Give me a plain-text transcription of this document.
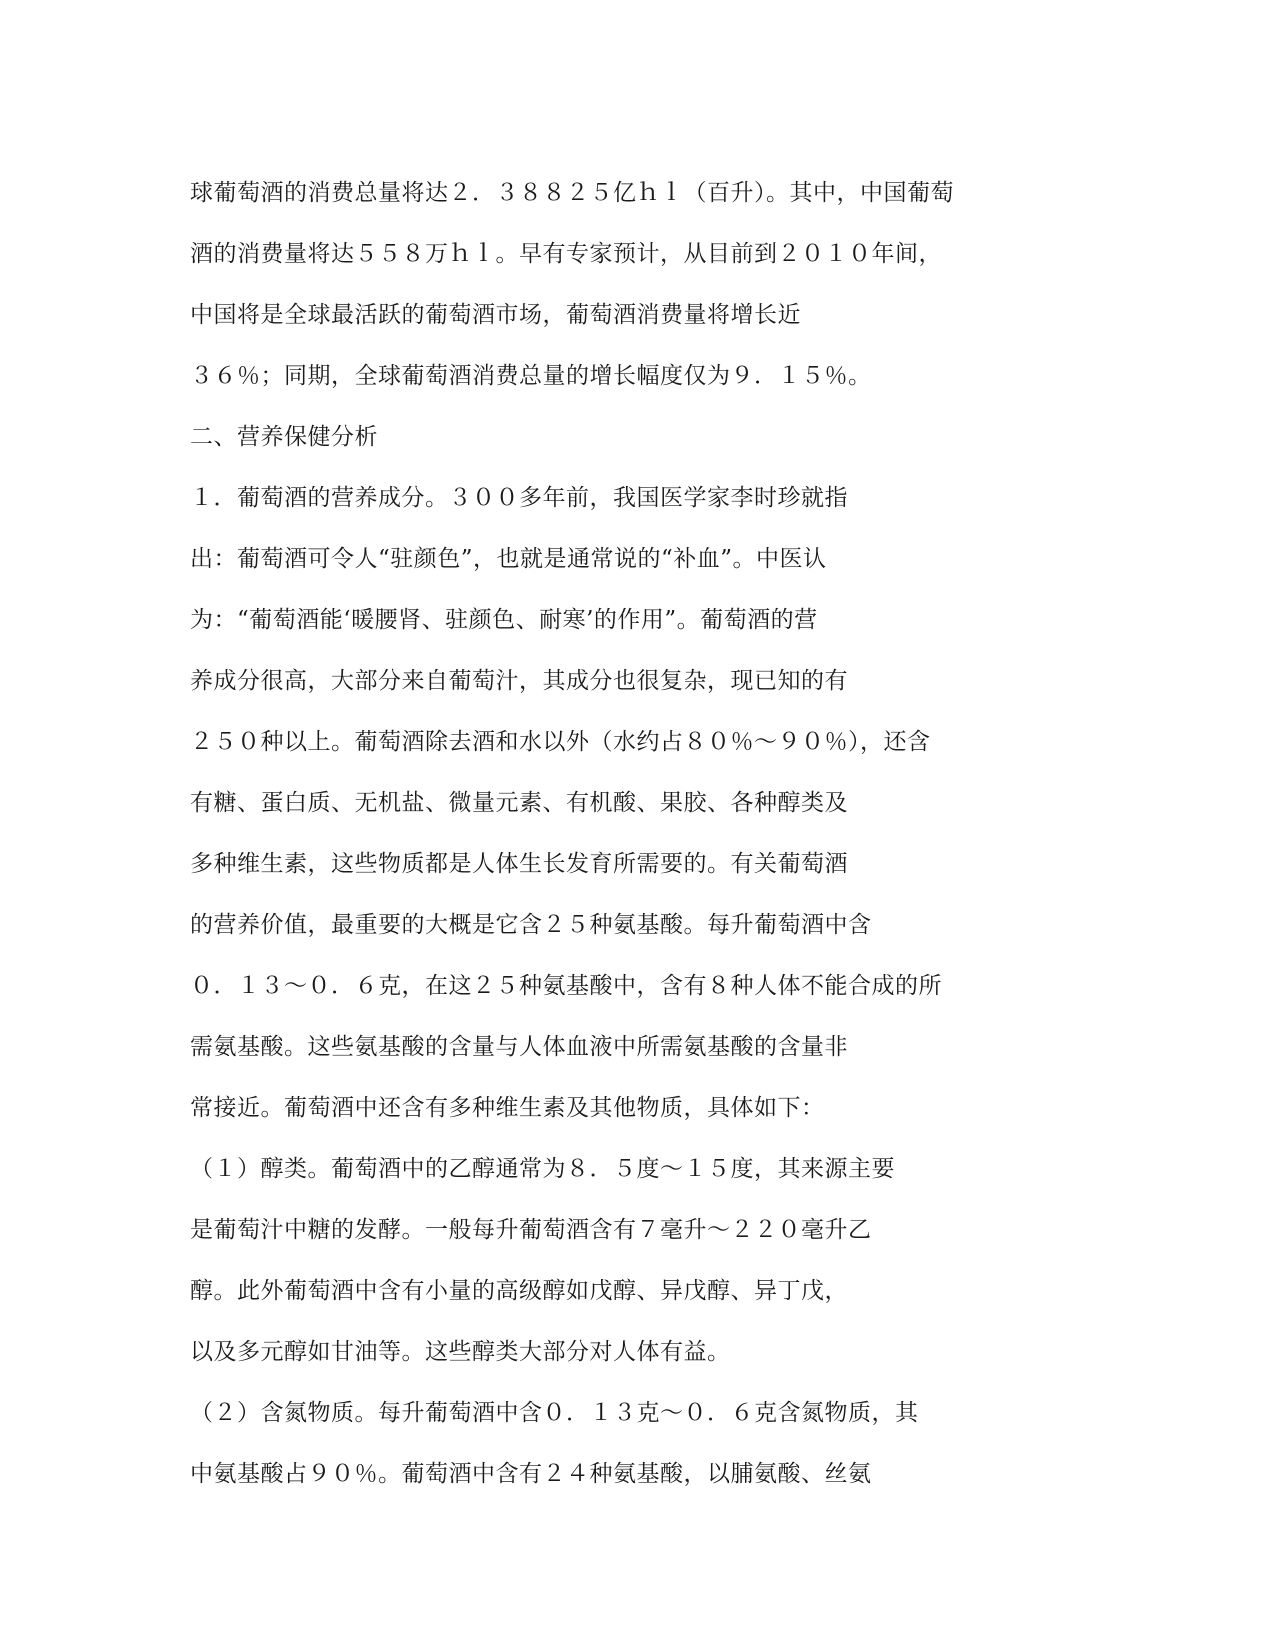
球葡萄酒的消费总量将达２．３８８２５亿ｈｌ（百升）。其中，中国葡萄
酒的消费量将达５５８万ｈｌ。早有专家预计，从目前到２０１０年间，
中国将是全球最活跃的葡萄酒市场，葡萄酒消费量将增长近
３６％；同期，全球葡萄酒消费总量的增长幅度仅为９．１５％。
二、营养保健分析
１．葡萄酒的营养成分。３００多年前，我国医学家李时珍就指
出：葡萄酒可令人“驻颜色”，也就是通常说的“补血”。中医认
为：“葡萄酒能‘暖腰肾、驻颜色、耐寒’的作用”。葡萄酒的营
养成分很高，大部分来自葡萄汁，其成分也很复杂，现已知的有
２５０种以上。葡萄酒除去酒和水以外（水约占８０％～９０％），还含
有糖、蛋白质、无机盐、微量元素、有机酸、果胶、各种醇类及
多种维生素，这些物质都是人体生长发育所需要的。有关葡萄酒
的营养价值，最重要的大概是它含２５种氨基酸。每升葡萄酒中含
０．１３～０．６克，在这２５种氨基酸中，含有８种人体不能合成的所
需氨基酸。这些氨基酸的含量与人体血液中所需氨基酸的含量非
常接近。葡萄酒中还含有多种维生素及其他物质，具体如下：
（１）醇类。葡萄酒中的乙醇通常为８．５度～１５度，其来源主要
是葡萄汁中糖的发酵。一般每升葡萄酒含有７毫升～２２０毫升乙
醇。此外葡萄酒中含有小量的高级醇如戊醇、异戊醇、异丁戊，
以及多元醇如甘油等。这些醇类大部分对人体有益。
（２）含氮物质。每升葡萄酒中含０．１３克～０．６克含氮物质，其
中氨基酸占９０％。葡萄酒中含有２４种氨基酸，以脯氨酸、丝氨
